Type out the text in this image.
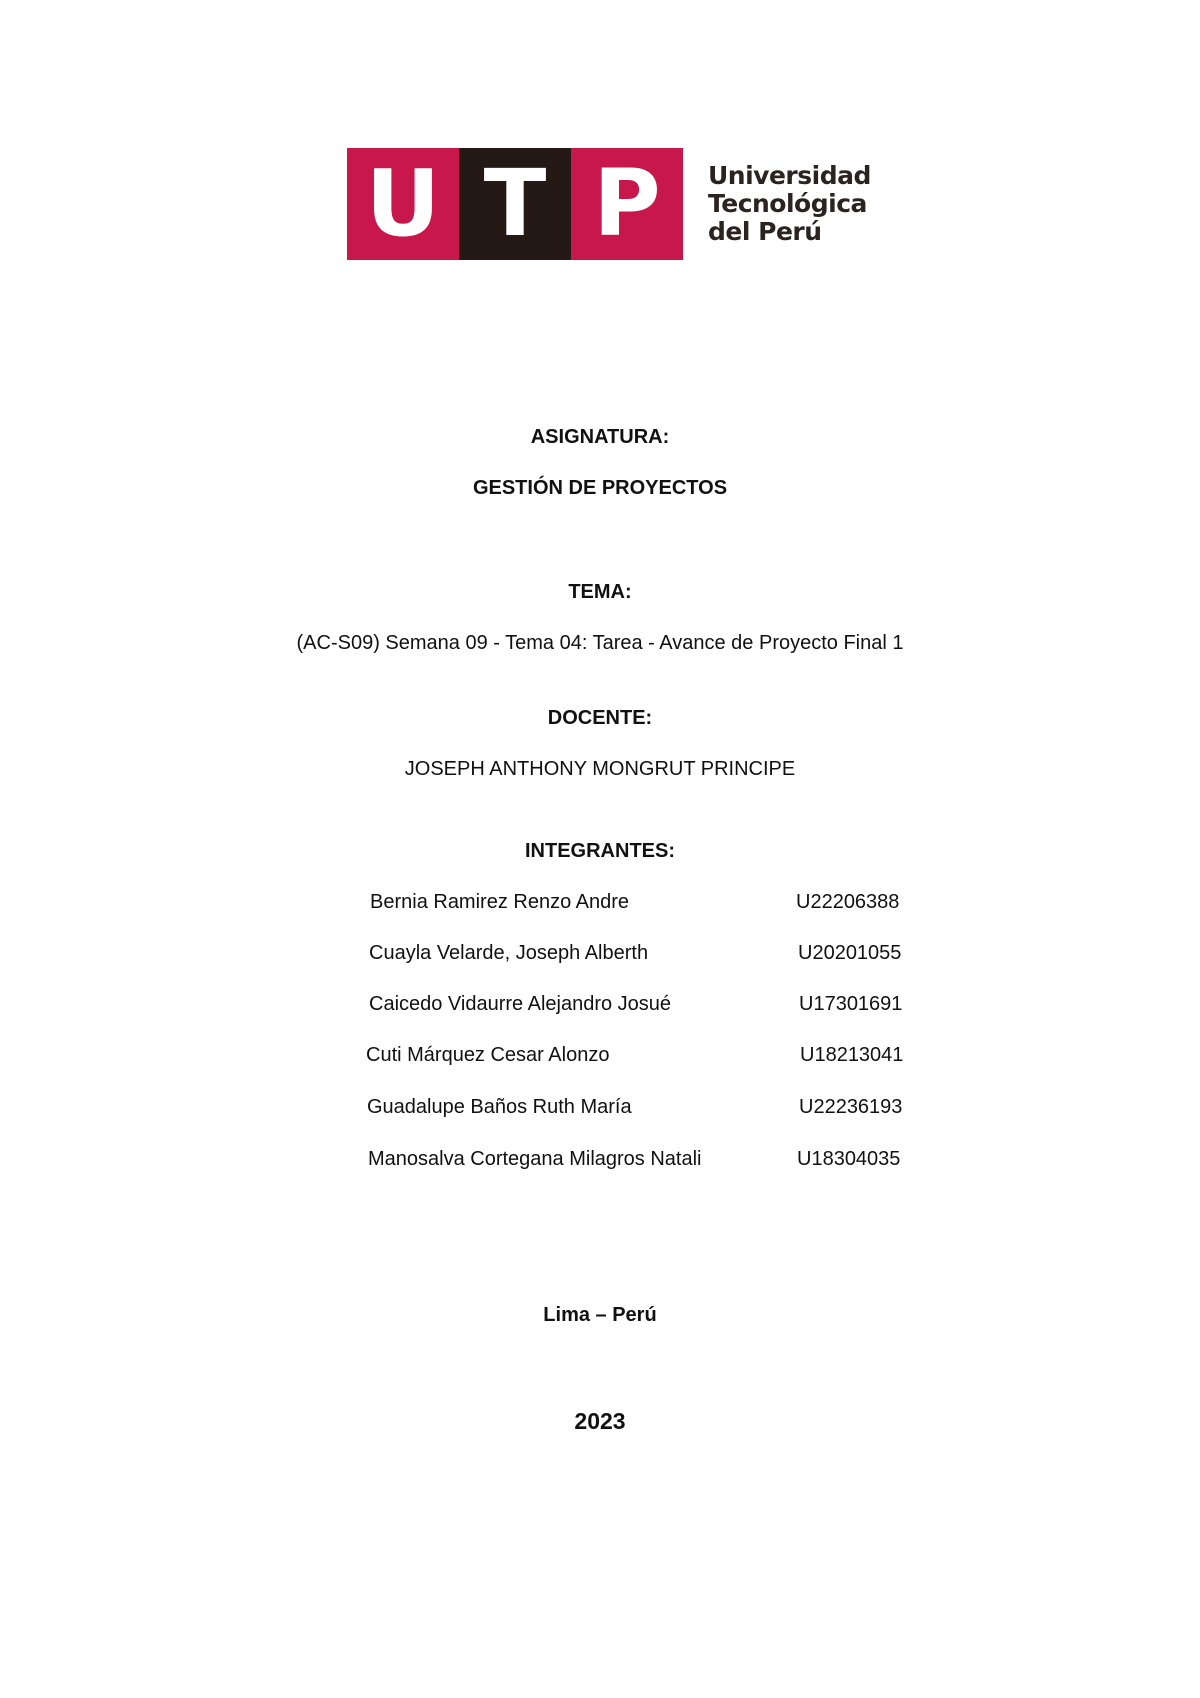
U T P	Universidad
Tecnológica
del Perú
ASIGNATURA:
GESTIÓN DE PROYECTOS
TEMA:
(AC-S09) Semana 09 - Tema 04: Tarea - Avance de Proyecto Final 1
DOCENTE:
JOSEPH ANTHONY MONGRUT PRINCIPE
INTEGRANTES:
Bernia Ramirez Renzo Andre	U22206388
Cuayla Velarde, Joseph Alberth	U20201055
Caicedo Vidaurre Alejandro Josué	U17301691
Cuti Márquez Cesar Alonzo	U18213041
Guadalupe Baños Ruth María	U22236193
Manosalva Cortegana Milagros Natali	U18304035
Lima – Perú
2023
